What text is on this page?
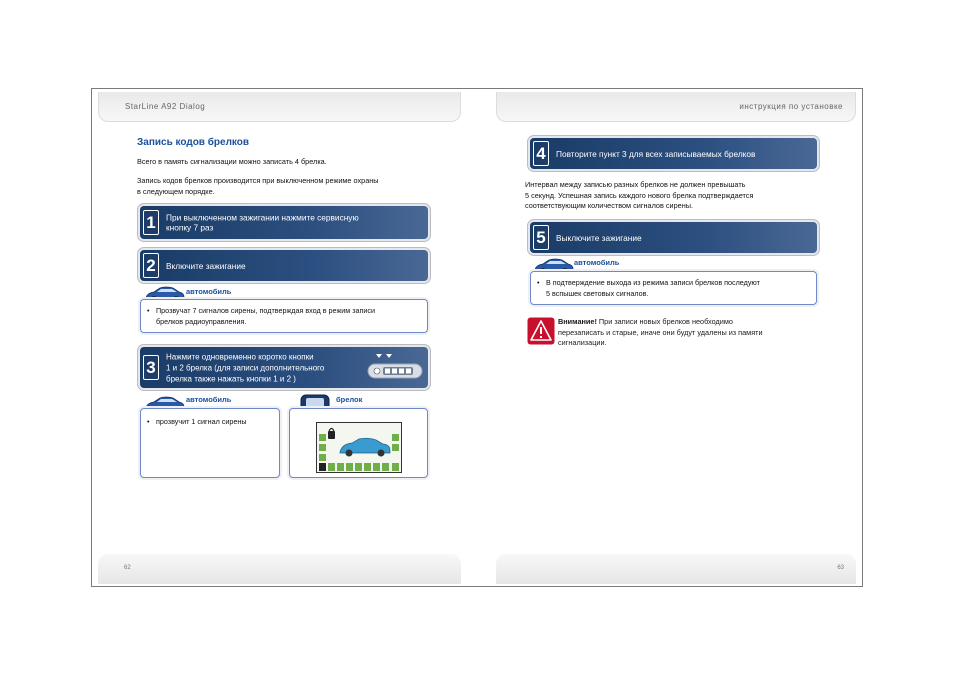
StarLine A92 Dialog
Запись кодов брелков
Всего в память сигнализации можно записать 4 брелка.
Запись кодов брелков производится при выключенном режиме охраны
в следующем порядке.
1	При выключенном зажигании нажмите сервисную
кнопку 7 раз
2	Включите зажигание
автомобиль
• Прозвучат 7 сигналов сирены, подтверждая вход в режим записи
брелков радиоуправления.
3
Нажмите одновременно коротко кнопки
1 и 2 брелка (для записи дополнительного
брелка также нажать кнопки 1 и 2 )
автомобиль	брелок
• прозвучит 1 сигнал сирены
62
инструкция по установке
4	Повторите пункт 3 для всех записываемых брелков
Интервал между записью разных брелков не должен превышать
5 секунд. Успешная запись каждого нового брелка подтверждается
соответствующим количеством сигналов сирены.
5	Выключите зажигание
автомобиль
• В подтверждение выхода из режима записи брелков последуют
5 вспышек световых сигналов.
Внимание! При записи новых брелков необходимо
перезаписать и старые, иначе они будут удалены из памяти
сигнализации.
63
